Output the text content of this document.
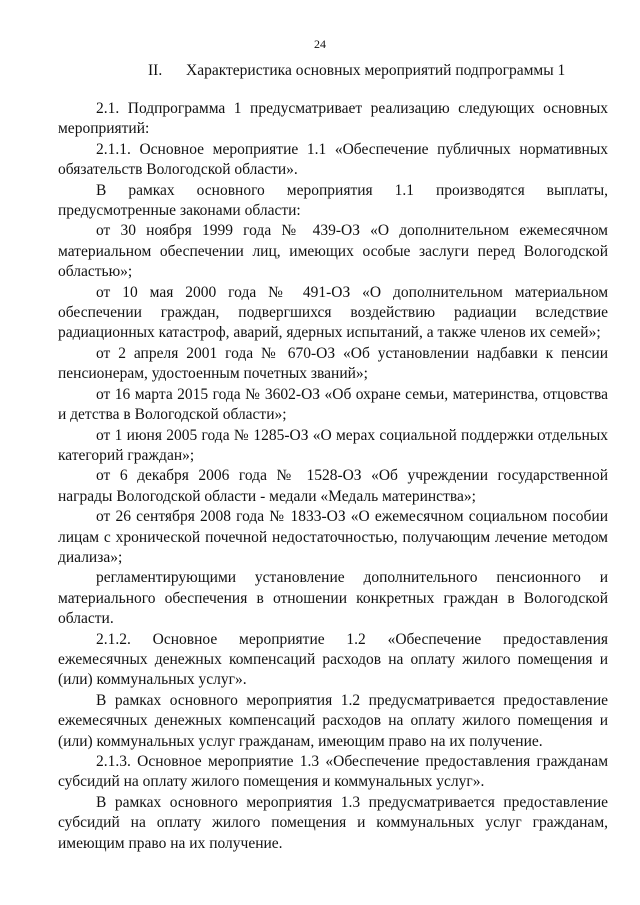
24
II. Характеристика основных мероприятий подпрограммы 1

2.1. Подпрограмма 1 предусматривает реализацию следующих основных мероприятий:

2.1.1. Основное мероприятие 1.1 «Обеспечение публичных нормативных обязательств Вологодской области».

В рамках основного мероприятия 1.1 производятся выплаты, предусмотренные законами области:

от 30 ноября 1999 года № 439-ОЗ «О дополнительном ежемесячном материальном обеспечении лиц, имеющих особые заслуги перед Вологодской областью»;

от 10 мая 2000 года № 491-ОЗ «О дополнительном материальном обеспечении граждан, подвергшихся воздействию радиации вследствие радиационных катастроф, аварий, ядерных испытаний, а также членов их семей»;

от 2 апреля 2001 года № 670-ОЗ «Об установлении надбавки к пенсии пенсионерам, удостоенным почетных званий»;

от 16 марта 2015 года № 3602-ОЗ «Об охране семьи, материнства, отцовства и детства в Вологодской области»;

от 1 июня 2005 года № 1285-ОЗ «О мерах социальной поддержки отдельных категорий граждан»;

от 6 декабря 2006 года № 1528-ОЗ «Об учреждении государственной награды Вологодской области - медали «Медаль материнства»;

от 26 сентября 2008 года № 1833-ОЗ «О ежемесячном социальном пособии лицам с хронической почечной недостаточностью, получающим лечение методом диализа»;

регламентирующими установление дополнительного пенсионного и материального обеспечения в отношении конкретных граждан в Вологодской области.

2.1.2. Основное мероприятие 1.2 «Обеспечение предоставления ежемесячных денежных компенсаций расходов на оплату жилого помещения и (или) коммунальных услуг».

В рамках основного мероприятия 1.2 предусматривается предоставление ежемесячных денежных компенсаций расходов на оплату жилого помещения и (или) коммунальных услуг гражданам, имеющим право на их получение.

2.1.3. Основное мероприятие 1.3 «Обеспечение предоставления гражданам субсидий на оплату жилого помещения и коммунальных услуг».

В рамках основного мероприятия 1.3 предусматривается предоставление субсидий на оплату жилого помещения и коммунальных услуг гражданам, имеющим право на их получение.
